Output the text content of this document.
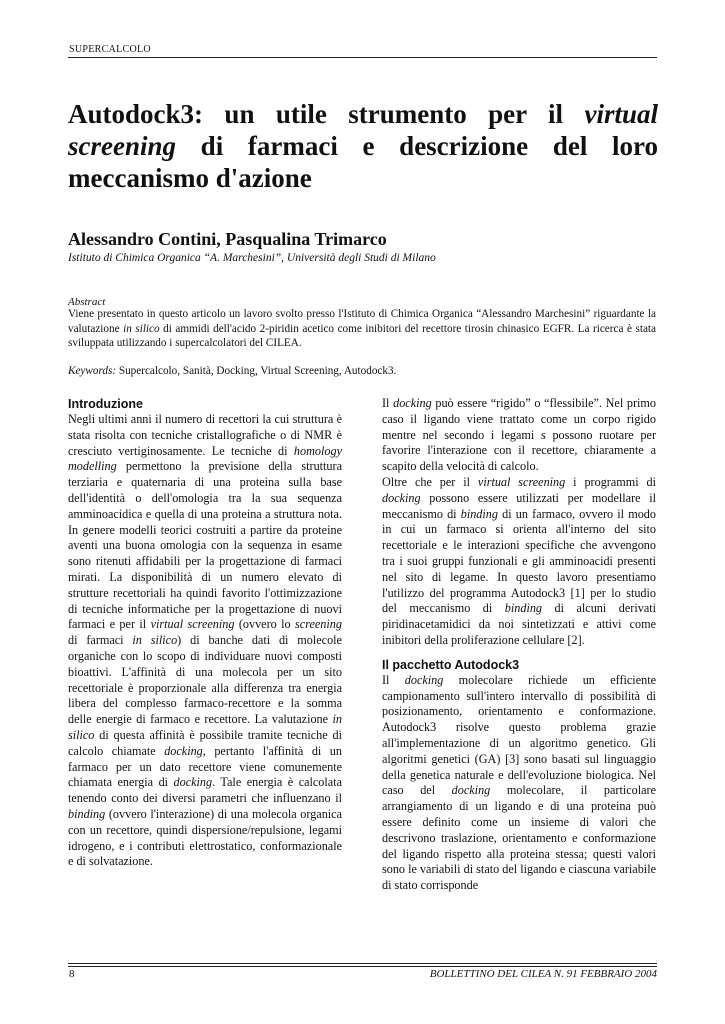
SUPERCALCOLO
Autodock3: un utile strumento per il virtual screening di farmaci e descrizione del loro meccanismo d'azione
Alessandro Contini, Pasqualina Trimarco
Istituto di Chimica Organica “A. Marchesini”, Università degli Studi di Milano
Abstract

Viene presentato in questo articolo un lavoro svolto presso l'Istituto di Chimica Organica “Alessandro Marchesini” riguardante la valutazione in silico di ammidi dell'acido 2-piridin acetico come inibitori del recettore tirosin chinasico EGFR. La ricerca è stata sviluppata utilizzando i supercalcolatori del CILEA.

Keywords: Supercalcolo, Sanità, Docking, Virtual Screening, Autodock3.
Introduzione

Negli ultimi anni il numero di recettori la cui struttura è stata risolta con tecniche cristallografiche o di NMR è cresciuto vertiginosamente. Le tecniche di homology modelling permettono la previsione della struttura terziaria e quaternaria di una proteina sulla base dell'identità o dell'omologia tra la sua sequenza amminoacidica e quella di una proteina a struttura nota. In genere modelli teorici costruiti a partire da proteine aventi una buona omologia con la sequenza in esame sono ritenuti affidabili per la progettazione di farmaci mirati. La disponibilità di un numero elevato di strutture recettoriali ha quindi favorito l'ottimizzazione di tecniche informatiche per la progettazione di nuovi farmaci e per il virtual screening (ovvero lo screening di farmaci in silico) di banche dati di molecole organiche con lo scopo di individuare nuovi composti bioattivi. L'affinità di una molecola per un sito recettoriale è proporzionale alla differenza tra energia libera del complesso farmaco-recettore e la somma delle energie di farmaco e recettore. La valutazione in silico di questa affinità è possibile tramite tecniche di calcolo chiamate docking, pertanto l'affinità di un farmaco per un dato recettore viene comunemente chiamata energia di docking. Tale energia è calcolata tenendo conto dei diversi parametri che influenzano il binding (ovvero l'interazione) di una molecola organica con un recettore, quindi dispersione/repulsione, legami idrogeno, e i contributi elettrostatico, conformazionale e di solvatazione.

Il docking può essere “rigido” o “flessibile”. Nel primo caso il ligando viene trattato come un corpo rigido mentre nel secondo i legami s possono ruotare per favorire l'interazione con il recettore, chiaramente a scapito della velocità di calcolo.

Oltre che per il virtual screening i programmi di docking possono essere utilizzati per modellare il meccanismo di binding di un farmaco, ovvero il modo in cui un farmaco si orienta all'interno del sito recettoriale e le interazioni specifiche che avvengono tra i suoi gruppi funzionali e gli amminoacidi presenti nel sito di legame. In questo lavoro presentiamo l'utilizzo del programma Autodock3 [1] per lo studio del meccanismo di binding di alcuni derivati piridinacetamidici da noi sintetizzati e attivi come inibitori della proliferazione cellulare [2].

Il pacchetto Autodock3

Il docking molecolare richiede un efficiente campionamento sull'intero intervallo di possibilità di posizionamento, orientamento e conformazione. Autodock3 risolve questo problema grazie all'implementazione di un algoritmo genetico. Gli algoritmi genetici (GA) [3] sono basati sul linguaggio della genetica naturale e dell'evoluzione biologica. Nel caso del docking molecolare, il particolare arrangiamento di un ligando e di una proteina può essere definito come un insieme di valori che descrivono traslazione, orientamento e conformazione del ligando rispetto alla proteina stessa; questi valori sono le variabili di stato del ligando e ciascuna variabile di stato corrisponde

8	BOLLETTINO DEL CILEA N. 91 FEBBRAIO 2004
